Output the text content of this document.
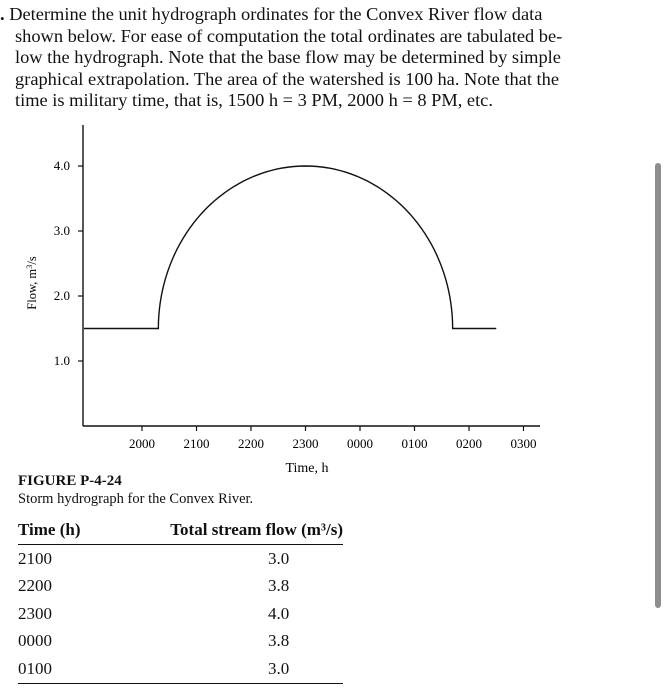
. Determine the unit hydrograph ordinates for the Convex River flow data
shown below. For ease of computation the total ordinates are tabulated be-
low the hydrograph. Note that the base flow may be determined by simple
graphical extrapolation. The area of the watershed is 100 ha. Note that the
time is military time, that is, 1500 h = 3 PM, 2000 h = 8 PM, etc.
4.0
3.0
2.0
1.0
2000 2100 2200 2300 0000 0100 0200 0300
Flow, $m^3/s$
Time, h
FIGURE P-4-24
Storm hydrograph for the Convex River.
Time (h)	Total stream flow (m³/s)
2100	3.0
2200	3.8
2300	4.0
0000	3.8
0100	3.0
